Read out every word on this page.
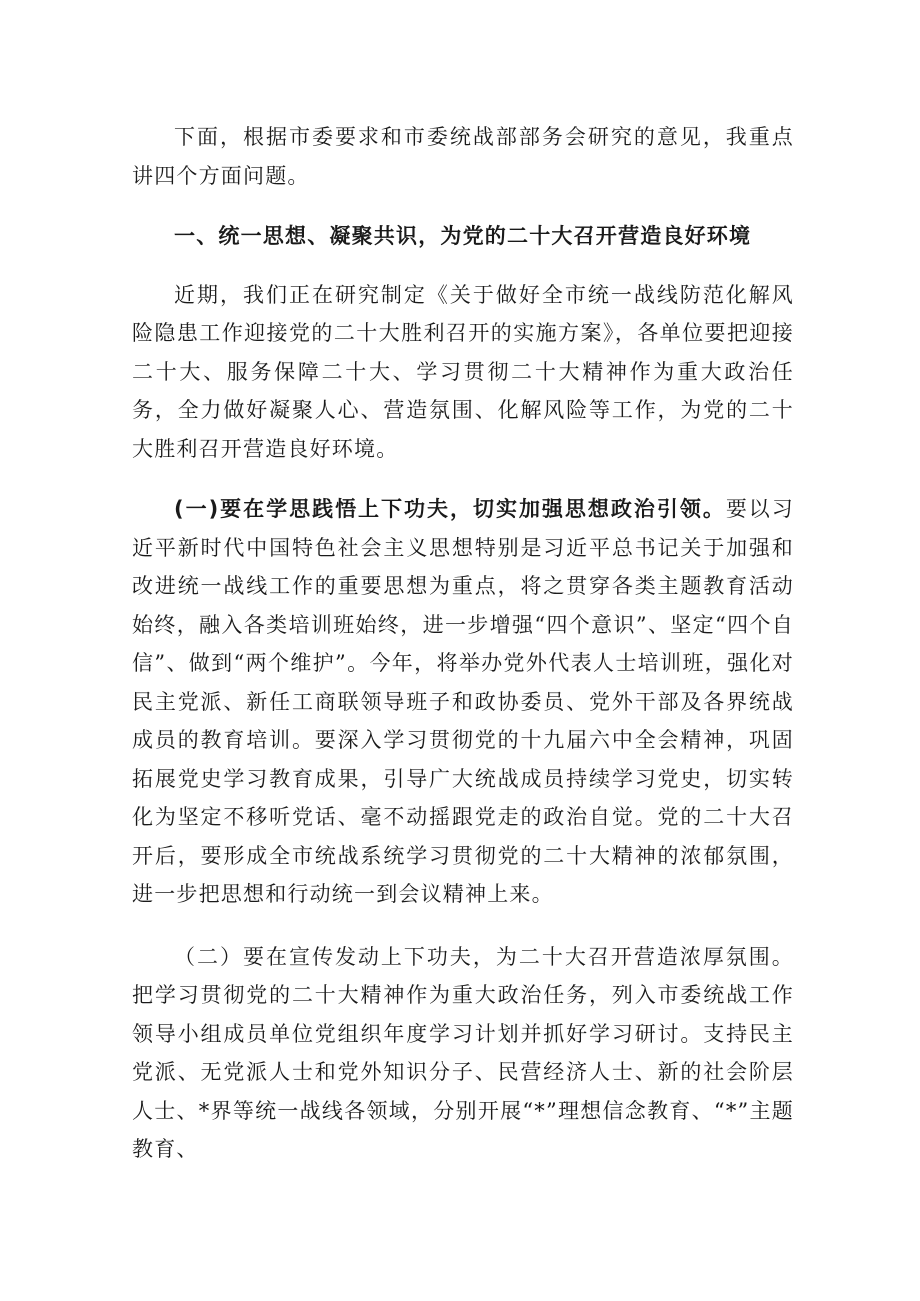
下面，根据市委要求和市委统战部部务会研究的意见，我重点讲四个方面问题。

一、统一思想、凝聚共识，为党的二十大召开营造良好环境

近期，我们正在研究制定《关于做好全市统一战线防范化解风险隐患工作迎接党的二十大胜利召开的实施方案》，各单位要把迎接二十大、服务保障二十大、学习贯彻二十大精神作为重大政治任务，全力做好凝聚人心、营造氛围、化解风险等工作，为党的二十大胜利召开营造良好环境。

(一)要在学思践悟上下功夫，切实加强思想政治引领。要以习近平新时代中国特色社会主义思想特别是习近平总书记关于加强和改进统一战线工作的重要思想为重点，将之贯穿各类主题教育活动始终，融入各类培训班始终，进一步增强“四个意识”、坚定“四个自信”、做到“两个维护”。今年，将举办党外代表人士培训班，强化对民主党派、新任工商联领导班子和政协委员、党外干部及各界统战成员的教育培训。要深入学习贯彻党的十九届六中全会精神，巩固拓展党史学习教育成果，引导广大统战成员持续学习党史，切实转化为坚定不移听党话、毫不动摇跟党走的政治自觉。党的二十大召开后，要形成全市统战系统学习贯彻党的二十大精神的浓郁氛围，进一步把思想和行动统一到会议精神上来。

（二）要在宣传发动上下功夫，为二十大召开营造浓厚氛围。把学习贯彻党的二十大精神作为重大政治任务，列入市委统战工作领导小组成员单位党组织年度学习计划并抓好学习研讨。支持民主党派、无党派人士和党外知识分子、民营经济人士、新的社会阶层人士、*界等统一战线各领域，分别开展“*”理想信念教育、“*”主题教育、
